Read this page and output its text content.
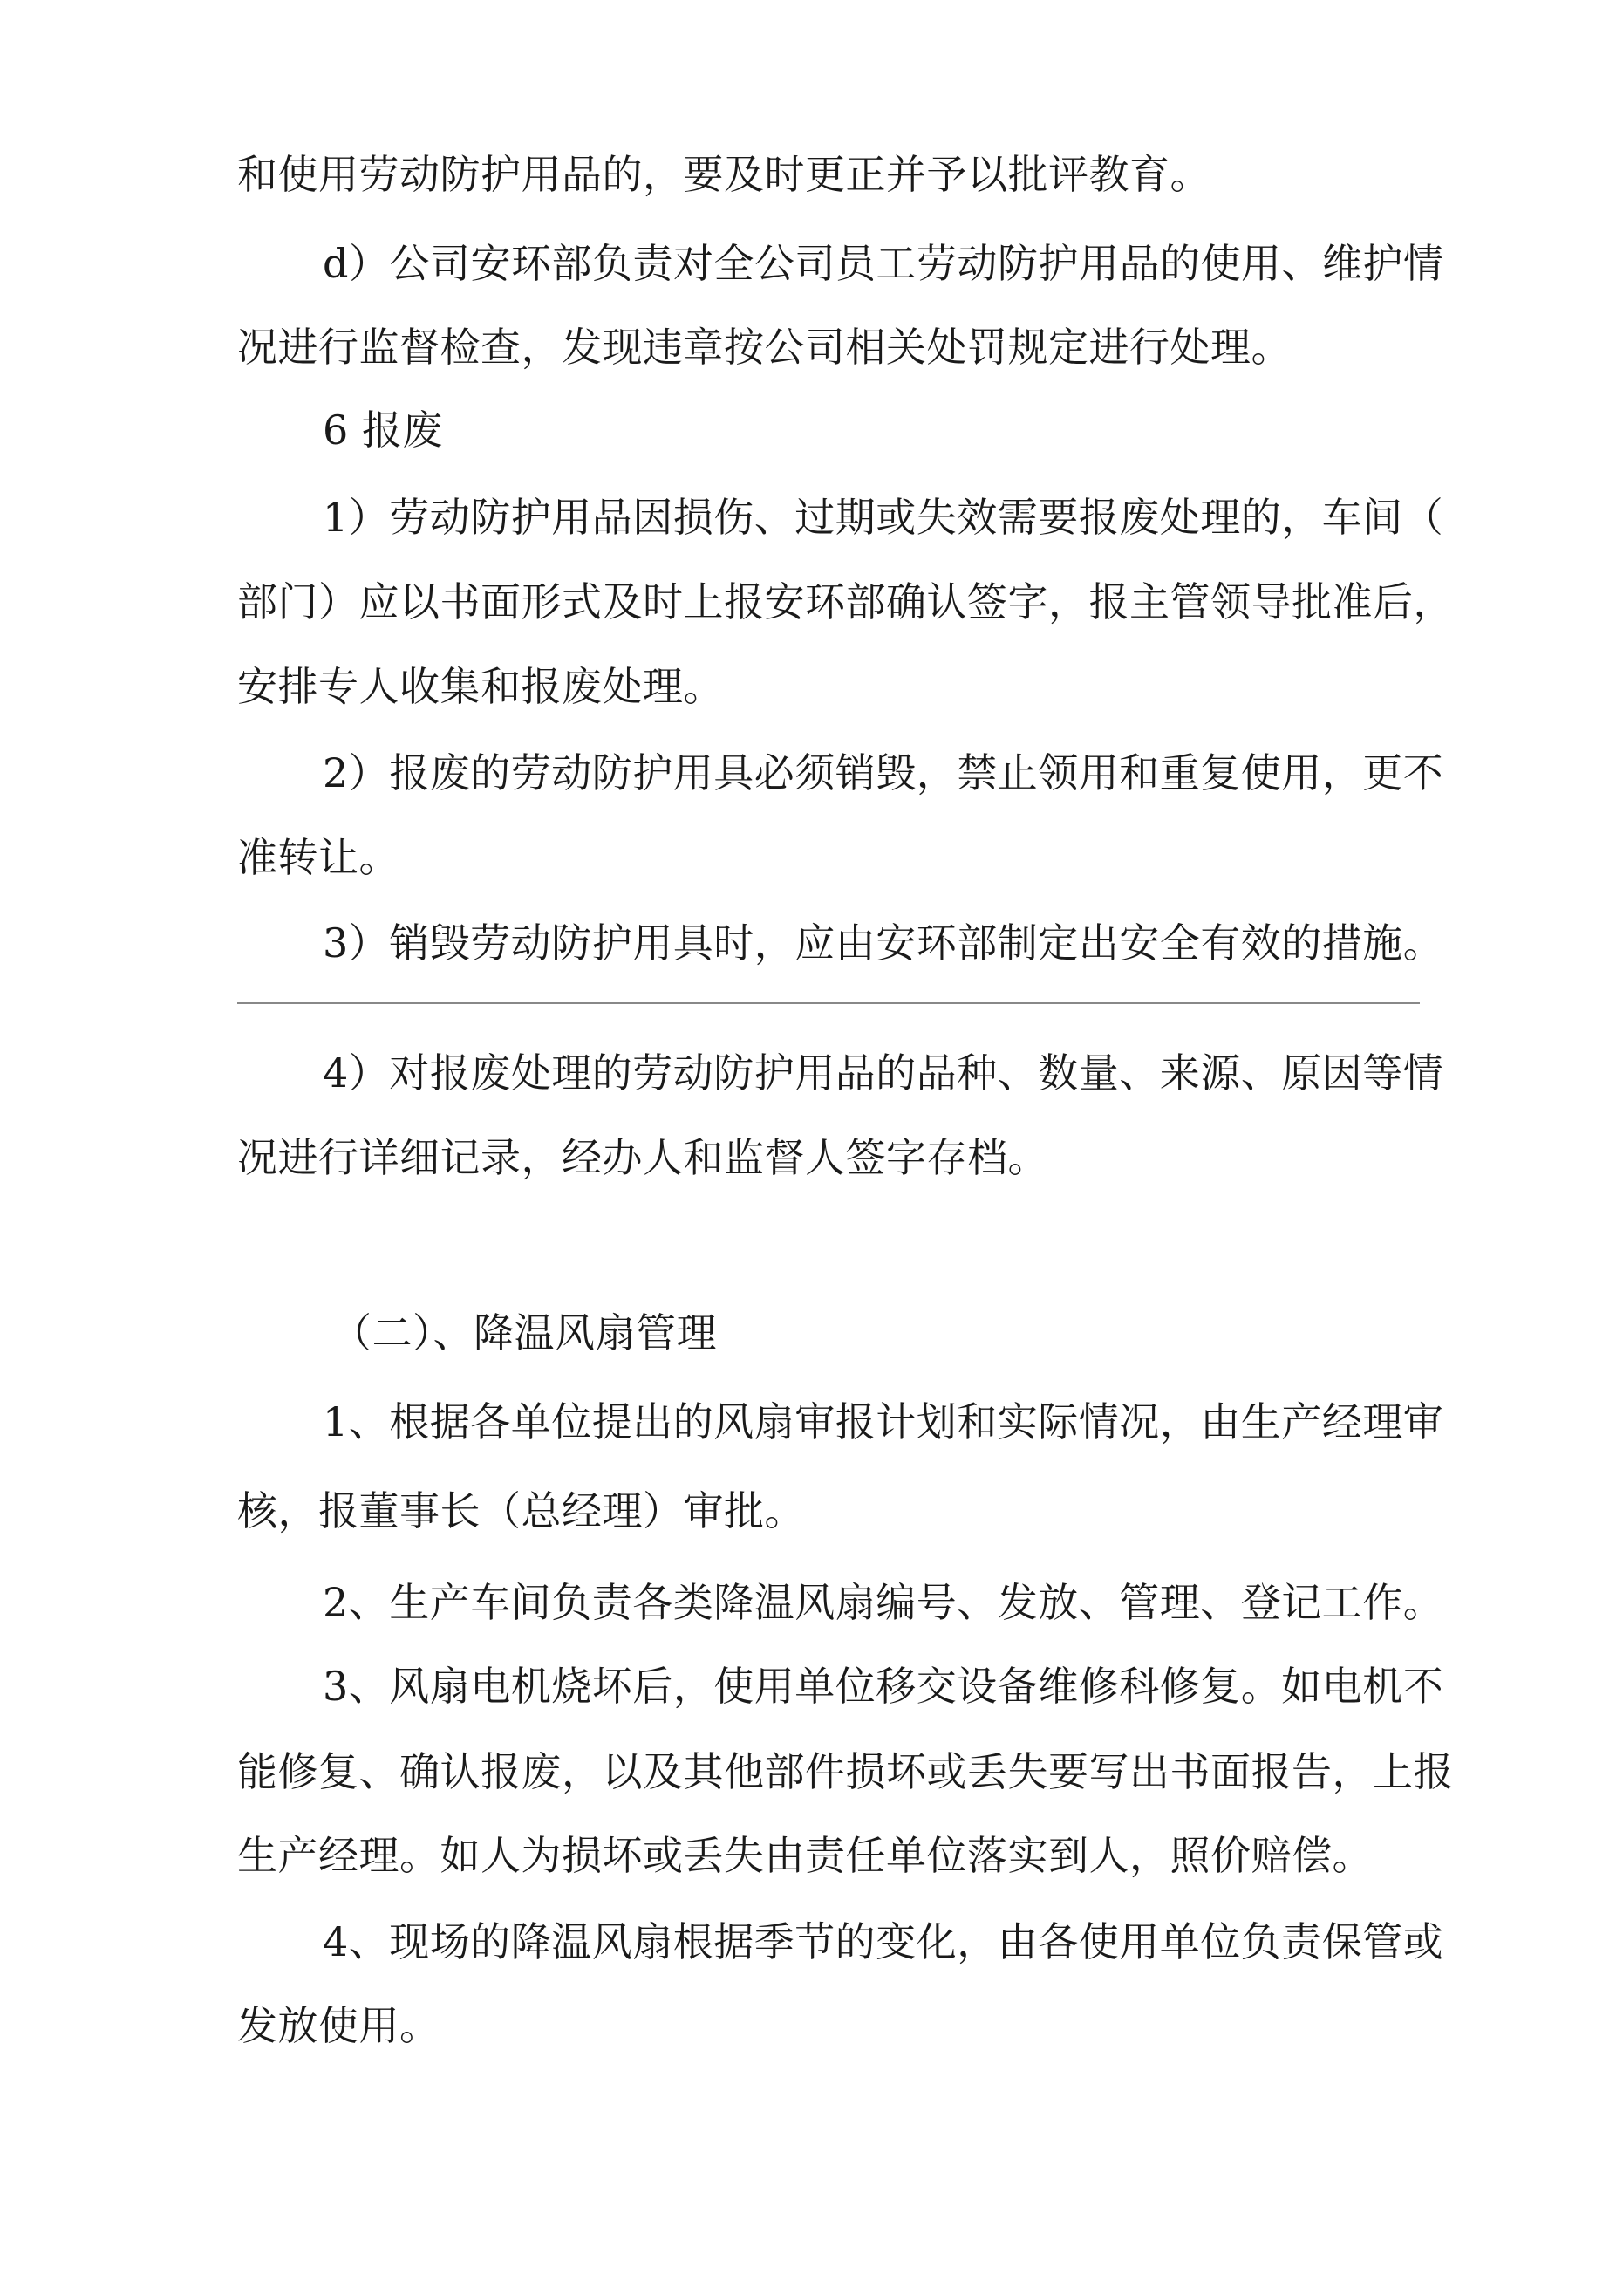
和使用劳动防护用品的，要及时更正并予以批评教育。
d）公司安环部负责对全公司员工劳动防护用品的使用、维护情
况进行监督检查，发现违章按公司相关处罚规定进行处理。
6 报废
1）劳动防护用品因损伤、过期或失效需要报废处理的，车间（
部门）应以书面形式及时上报安环部确认签字，报主管领导批准后，
安排专人收集和报废处理。
2）报废的劳动防护用具必须销毁，禁止领用和重复使用，更不
准转让。
3）销毁劳动防护用具时，应由安环部制定出安全有效的措施。
4）对报废处理的劳动防护用品的品种、数量、来源、原因等情
况进行详细记录，经办人和监督人签字存档。
（二）、降温风扇管理
1、根据各单位提出的风扇审报计划和实际情况，由生产经理审
核，报董事长（总经理）审批。
2、生产车间负责各类降温风扇编号、发放、管理、登记工作。
3、风扇电机烧坏后，使用单位移交设备维修科修复。如电机不
能修复、确认报废，以及其他部件损坏或丢失要写出书面报告，上报
生产经理。如人为损坏或丢失由责任单位落实到人，照价赔偿。
4、现场的降温风扇根据季节的变化，由各使用单位负责保管或
发放使用。
